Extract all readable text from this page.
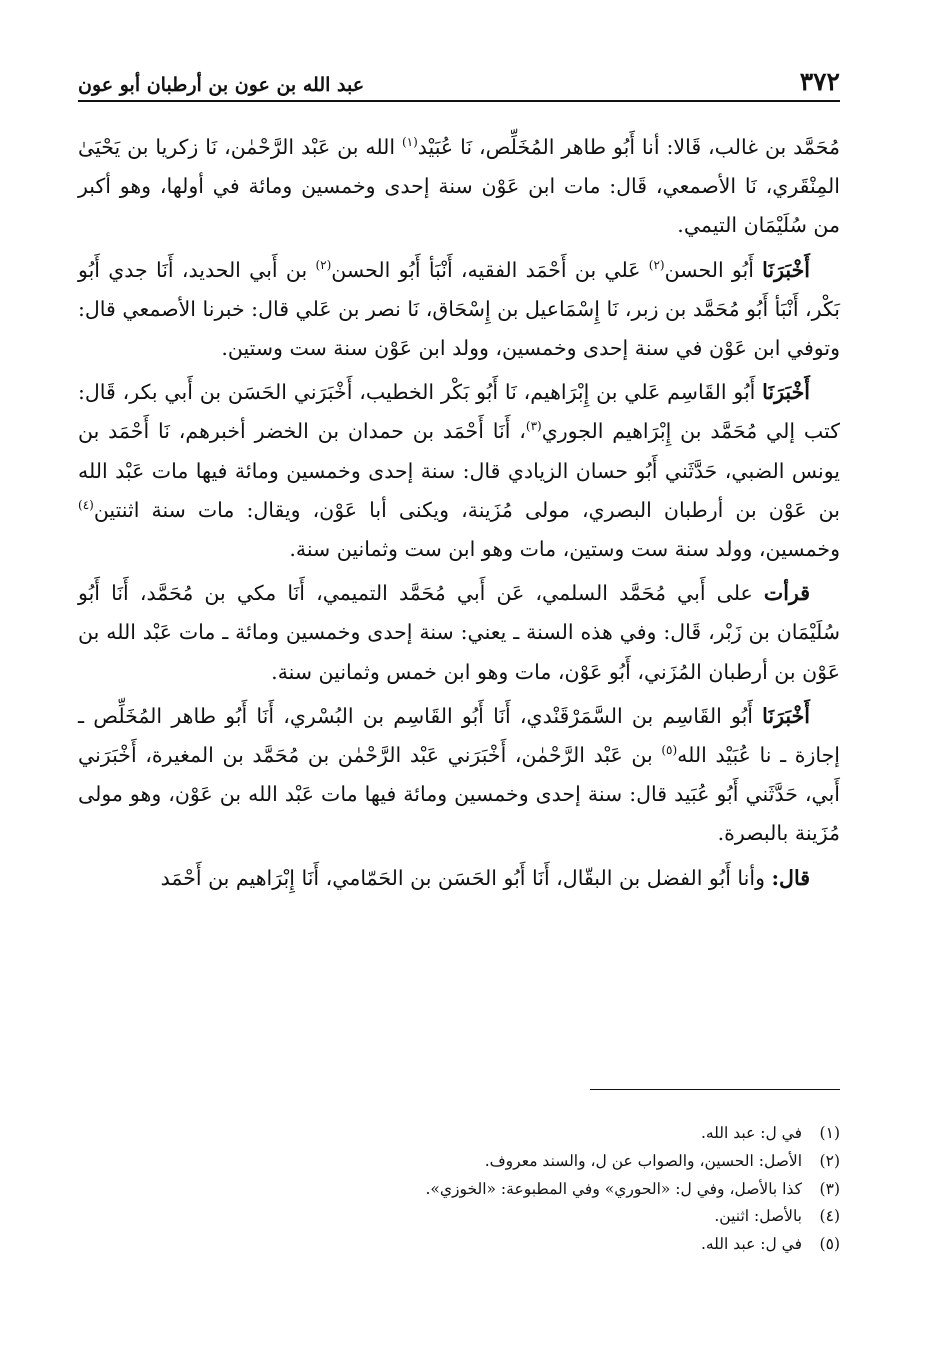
٣٧٢
عبد الله بن عون بن أرطبان أبو عون

مُحَمَّد بن غالب، قَالا: أنا أَبُو طاهر المُخَلِّص، نَا عُبَيْد$^{(١)}$ الله بن عَبْد الرَّحْمٰن، نَا زكريا بن يَحْيَىٰ المِنْقَري، نَا الأصمعي، قَال: مات ابن عَوْن سنة إحدى وخمسين ومائة في أولها، وهو أكبر من سُلَيْمَان التيمي.

أَخْبَرَنَا أَبُو الحسن$^{(٢)}$ عَلي بن أَحْمَد الفقيه، أَنْبَأ أَبُو الحسن$^{(٢)}$ بن أَبي الحديد، أَنَا جدي أَبُو بَكْر، أَنْبَأ أَبُو مُحَمَّد بن زبر، نَا إِسْمَاعيل بن إِسْحَاق، نَا نصر بن عَلي قال: خبرنا الأصمعي قال: وتوفي ابن عَوْن في سنة إحدى وخمسين، وولد ابن عَوْن سنة ست وستين.

أَخْبَرَنَا أَبُو القَاسِم عَلي بن إِبْرَاهيم، نَا أَبُو بَكْر الخطيب، أَخْبَرَني الحَسَن بن أَبي بكر، قَال: كتب إلي مُحَمَّد بن إِبْرَاهيم الجوري$^{(٣)}$، أَنَا أَحْمَد بن حمدان بن الخضر أخبرهم، نَا أَحْمَد بن يونس الضبي، حَدَّثَني أَبُو حسان الزيادي قال: سنة إحدى وخمسين ومائة فيها مات عَبْد الله بن عَوْن بن أرطبان البصري، مولى مُزَينة، ويكنى أبا عَوْن، ويقال: مات سنة اثنتين$^{(٤)}$ وخمسين، وولد سنة ست وستين، مات وهو ابن ست وثمانين سنة.

قرأت على أَبي مُحَمَّد السلمي، عَن أَبي مُحَمَّد التميمي، أَنَا مكي بن مُحَمَّد، أَنَا أَبُو سُلَيْمَان بن زَبْر، قَال: وفي هذه السنة ـ يعني: سنة إحدى وخمسين ومائة ـ مات عَبْد الله بن عَوْن بن أرطبان المُزَني، أَبُو عَوْن، مات وهو ابن خمس وثمانين سنة.

أَخْبَرَنَا أَبُو القَاسِم بن السَّمَرْقَنْدي، أَنَا أَبُو القَاسِم بن البُسْري، أَنَا أَبُو طاهر المُخَلِّص ـ إجازة ـ نا عُبَيْد الله$^{(٥)}$ بن عَبْد الرَّحْمٰن، أَخْبَرَني عَبْد الرَّحْمٰن بن مُحَمَّد بن المغيرة، أَخْبَرَني أَبي، حَدَّثَني أَبُو عُبَيد قال: سنة إحدى وخمسين ومائة فيها مات عَبْد الله بن عَوْن، وهو مولى مُزَينة بالبصرة.

قال: وأنا أَبُو الفضل بن البقّال، أَنَا أَبُو الحَسَن بن الحَمّامي، أَنَا إِبْرَاهيم بن أَحْمَد

(١)
في ل: عبد الله.
(٢)
الأصل: الحسين، والصواب عن ل، والسند معروف.
(٣)
كذا بالأصل، وفي ل: «الحوري» وفي المطبوعة: «الخوزي».
(٤)
بالأصل: اثنين.
(٥)
في ل: عبد الله.
